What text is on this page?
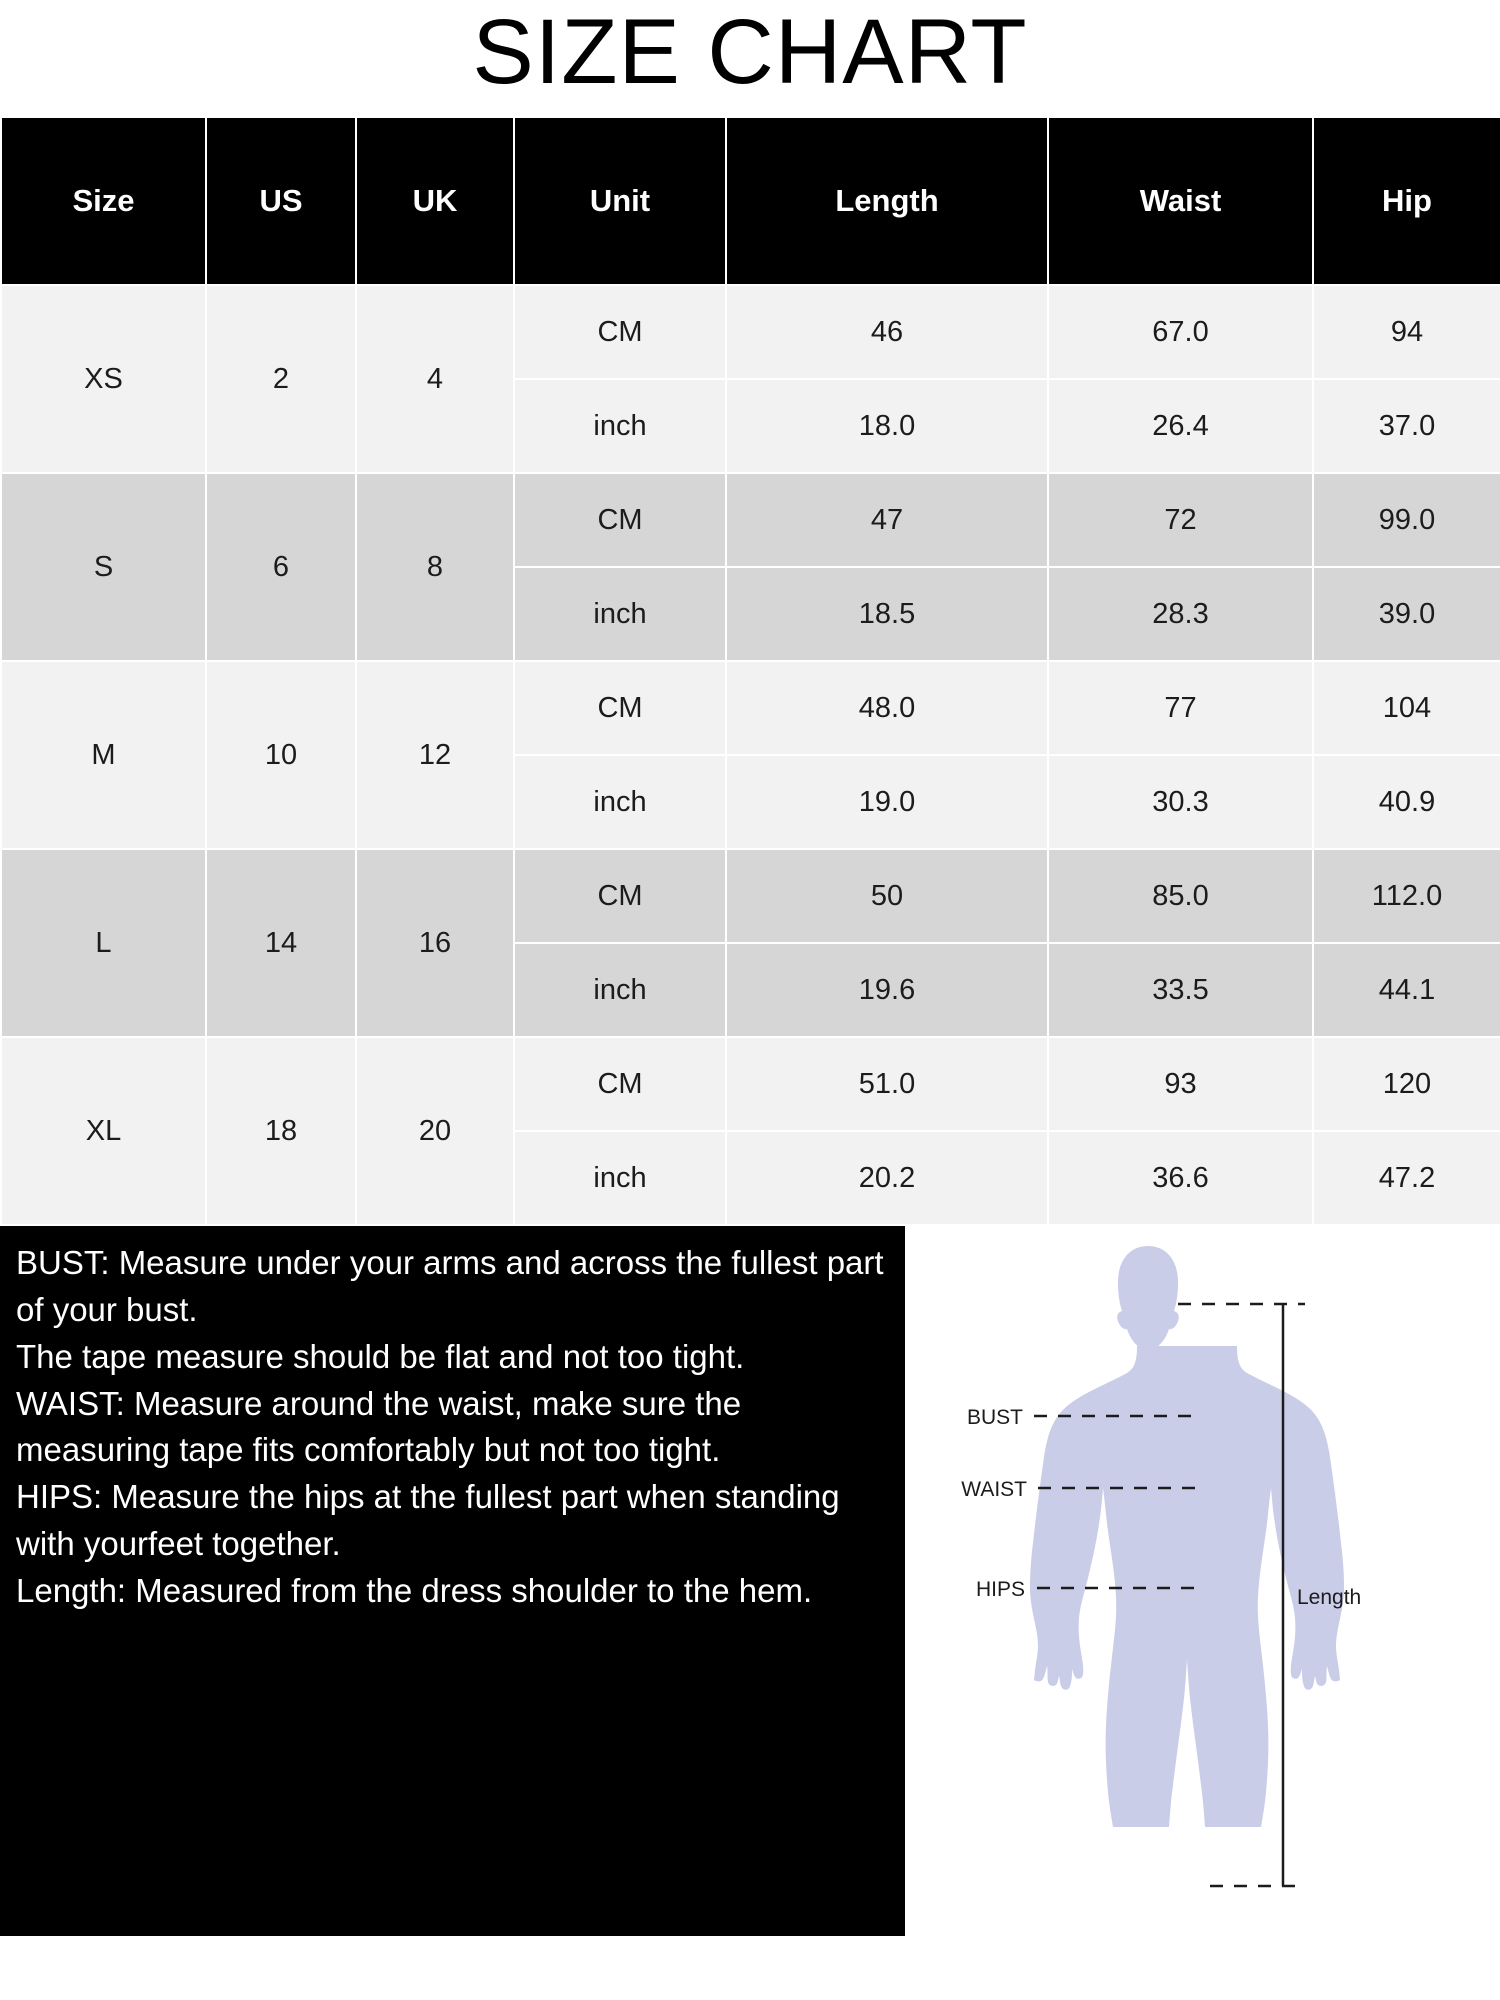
SIZE CHART
Size	US	UK	Unit	Length	Waist	Hip
XS	2	4	CM	46	67.0	94
			inch	18.0	26.4	37.0
S	6	8	CM	47	72	99.0
			inch	18.5	28.3	39.0
M	10	12	CM	48.0	77	104
			inch	19.0	30.3	40.9
L	14	16	CM	50	85.0	112.0
			inch	19.6	33.5	44.1
XL	18	20	CM	51.0	93	120
			inch	20.2	36.6	47.2

BUST: Measure under your arms and across the fullest part of your bust.

The tape measure should be flat and not too tight.

WAIST: Measure around the waist, make sure the measuring tape fits comfortably but not too tight.

HIPS: Measure the hips at the fullest part when standing with yourfeet together.

Length: Measured from the dress shoulder to the hem.

BUST
WAIST
HIPS	Length
